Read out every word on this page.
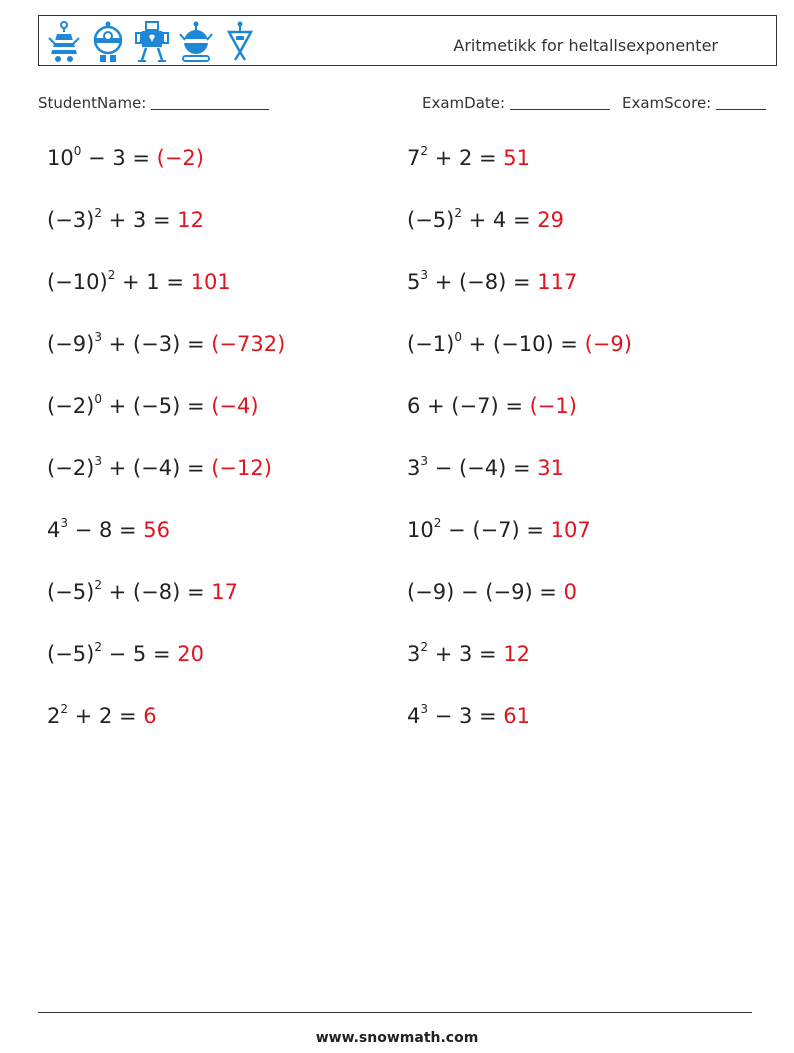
Aritmetikk for heltallsexponenter
StudentName:	ExamDate:	ExamScore:
$10^0 - 3 = (-2)$	$7^2 + 2 = 51$
$(-3)^2 + 3 = 12$	$(-5)^2 + 4 = 29$
$(-10)^2 + 1 = 101$	$5^3 + (-8) = 117$
$(-9)^3 + (-3) = (-732)$	$(-1)^0 + (-10) = (-9)$
$(-2)^0 + (-5) = (-4)$	6 + (−7) = (−1)
$(-2)^3 + (-4) = (-12)$	$3^3 - (-4) = 31$
$4^3 - 8 = 56$	$10^2 - (-7) = 107$
$(-5)^2 + (-8) = 17$	(−9) − (−9) = 0
$(-5)^2 - 5 = 20$	$3^2 + 3 = 12$
$2^2 + 2 = 6$	$4^3 - 3 = 61$
www.snowmath.com
